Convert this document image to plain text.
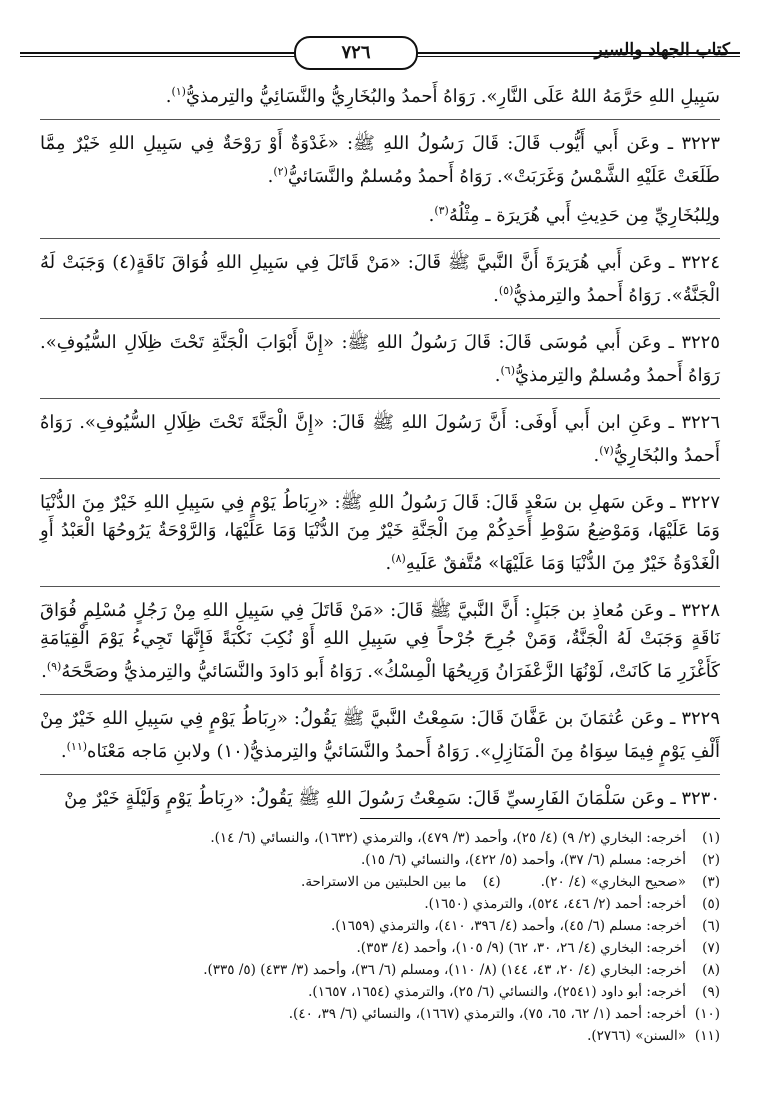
كتاب الجهاد والسير
٧٢٦

سَبِيلِ اللهِ حَرَّمَهُ اللهُ عَلَى النَّارِ». رَوَاهُ أَحمدُ والبُخَارِيُّ والنَّسَائِيُّ والتِرمذيُّ$^{(١)}$.

٣٢٢٣ ـ وعَن أَبي أَيُّوب قَالَ: قَالَ رَسُولُ اللهِ ﷺ: «غَدْوَةٌ أَوْ رَوْحَةٌ فِي سَبِيلِ اللهِ خَيْرٌ مِمَّا طَلَعَتْ عَلَيْهِ الشَّمْسُ وَغَرَبَتْ». رَوَاهُ أَحمدُ ومُسلمٌ والنَّسَائيُّ$^{(٢)}$.

ولِلبُخَارِيِّ مِن حَدِيثِ أَبي هُرَيرَة ـ مِثْلُهُ$^{(٣)}$.

٣٢٢٤ ـ وعَن أَبي هُرَيرَةَ أَنَّ النَّبيَّ ﷺ قَالَ: «مَنْ قَاتَلَ فِي سَبِيلِ اللهِ فُوَاقَ نَاقَةٍ(٤) وَجَبَتْ لَهُ الْجَنَّةُ». رَوَاهُ أَحمدُ والتِرمذيُّ$^{(٥)}$.

٣٢٢٥ ـ وعَن أَبي مُوسَى قَالَ: قَالَ رَسُولُ اللهِ ﷺ: «إِنَّ أَبْوَابَ الْجَنَّةِ تَحْتَ ظِلَالِ السُّيُوفِ». رَوَاهُ أَحمدُ ومُسلمٌ والتِرمذيُّ$^{(٦)}$.

٣٢٢٦ ـ وعَنِ ابن أَبي أَوفَى: أَنَّ رَسُولَ اللهِ ﷺ قَالَ: «إِنَّ الْجَنَّةَ تَحْتَ ظِلَالِ السُّيُوفِ». رَوَاهُ أَحمدُ والبُخَارِيُّ$^{(٧)}$.

٣٢٢٧ ـ وعَن سَهلِ بن سَعْدٍ قَالَ: قَالَ رَسُولُ اللهِ ﷺ: «رِبَاطُ يَوْمٍ فِي سَبِيلِ اللهِ خَيْرٌ مِنَ الدُّنْيَا وَمَا عَلَيْهَا، وَمَوْضِعُ سَوْطِ أَحَدِكُمْ مِنَ الْجَنَّةِ خَيْرٌ مِنَ الدُّنْيَا وَمَا عَلَيْهَا، وَالرَّوْحَةُ يَرُوحُهَا الْعَبْدُ أَوِ الْغَدْوَةُ خَيْرٌ مِنَ الدُّنْيَا وَمَا عَلَيْهَا» مُتَّفقٌ عَلَيهِ$^{(٨)}$.

٣٢٢٨ ـ وعَن مُعاذِ بن جَبَلٍ: أَنَّ النَّبيَّ ﷺ قَالَ: «مَنْ قَاتَلَ فِي سَبِيلِ اللهِ مِنْ رَجُلٍ مُسْلِمٍ فُوَاقَ نَاقَةٍ وَجَبَتْ لَهُ الْجَنَّةُ، وَمَنْ جُرِحَ جُرْحاً فِي سَبِيلِ اللهِ أَوْ نُكِبَ نَكْبَةً فَإِنَّهَا تَجِيءُ يَوْمَ الْقِيَامَةِ كَأَغْزَرِ مَا كَانَتْ، لَوْنُهَا الزَّعْفَرَانُ وَرِيحُهَا الْمِسْكُ». رَوَاهُ أَبو دَاودَ والنَّسَائيُّ والتِرمذيُّ وصَحَّحَهُ$^{(٩)}$.

٣٢٢٩ ـ وعَن عُثمَانَ بن عَفَّانَ قَالَ: سَمِعْتُ النَّبيَّ ﷺ يَقُولُ: «رِبَاطُ يَوْمٍ فِي سَبِيلِ اللهِ خَيْرٌ مِنْ أَلْفِ يَوْمٍ فِيمَا سِوَاهُ مِنَ الْمَنَازِلِ». رَوَاهُ أَحمدُ والنَّسَائيُّ والتِرمذيُّ(١٠) ولابنِ مَاجه مَعْنَاه$^{(١١)}$.

٣٢٣٠ ـ وعَن سَلْمَانَ الفَارِسيِّ قَالَ: سَمِعْتُ رَسُولَ اللهِ ﷺ يَقُولُ: «رِبَاطُ يَوْمٍ وَلَيْلَةٍ خَيْرٌ مِنْ

(١)أخرجه: البخاري (٢/ ٩) (٤/ ٢٥)، وأحمد (٣/ ٤٧٩)، والترمذي (١٦٣٢)، والنسائي (٦/ ١٤).

(٢)أخرجه: مسلم (٦/ ٣٧)، وأحمد (٥/ ٤٢٢)، والنسائي (٦/ ١٥).

(٣)«صحيح البخاري» (٤/ ٢٠).

(٤)ما بين الحلبتين من الاستراحة.

(٥)أخرجه: أحمد (٢/ ٤٤٦، ٥٢٤)، والترمذي (١٦٥٠).

(٦)أخرجه: مسلم (٦/ ٤٥)، وأحمد (٤/ ٣٩٦، ٤١٠)، والترمذي (١٦٥٩).

(٧)أخرجه: البخاري (٤/ ٢٦، ٣٠، ٦٢) (٩/ ١٠٥)، وأحمد (٤/ ٣٥٣).

(٨)أخرجه: البخاري (٤/ ٢٠، ٤٣، ١٤٤) (٨/ ١١٠)، ومسلم (٦/ ٣٦)، وأحمد (٣/ ٤٣٣) (٥/ ٣٣٥).

(٩)أخرجه: أبو داود (٢٥٤١)، والنسائي (٦/ ٢٥)، والترمذي (١٦٥٤، ١٦٥٧).

(١٠)أخرجه: أحمد (١/ ٦٢، ٦٥، ٧٥)، والترمذي (١٦٦٧)، والنسائي (٦/ ٣٩، ٤٠).

(١١)«السنن» (٢٧٦٦).
